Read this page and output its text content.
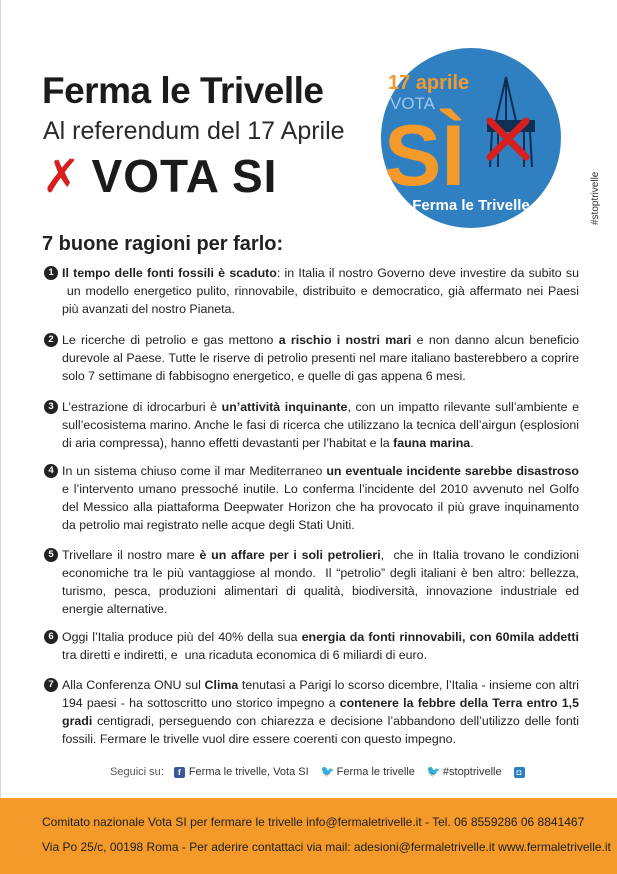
Ferma le Trivelle
Al referendum del 17 Aprile
✗ VOTA SI
17 aprile
VOTA
SÌ
Ferma le Trivelle	#stoptrivelle
7 buone ragioni per farlo:
1 Il tempo delle fonti fossili è scaduto: in Italia il nostro Governo deve investire da subito su  un modello energetico pulito, rinnovabile, distribuito e democratico, già affermato nei Paesi più avanzati del nostro Pianeta.
2 Le ricerche di petrolio e gas mettono a rischio i nostri mari e non danno alcun beneficio durevole al Paese. Tutte le riserve di petrolio presenti nel mare italiano basterebbero a coprire solo 7 settimane di fabbisogno energetico, e quelle di gas appena 6 mesi.
3 L’estrazione di idrocarburi è un’attività inquinante, con un impatto rilevante sull’ambiente e sull’ecosistema marino. Anche le fasi di ricerca che utilizzano la tecnica dell’airgun (esplosioni di aria compressa), hanno effetti devastanti per l’habitat e la fauna marina.
4 In un sistema chiuso come il mar Mediterraneo un eventuale incidente sarebbe disastroso e l’intervento umano pressoché inutile. Lo conferma l’incidente del 2010 avvenuto nel Golfo del Messico alla piattaforma Deepwater Horizon che ha provocato il più grave inquinamento da petrolio mai registrato nelle acque degli Stati Uniti.
5 Trivellare il nostro mare è un affare per i soli petrolieri,  che in Italia trovano le condizioni economiche tra le più vantaggiose al mondo.  Il “petrolio” degli italiani è ben altro: bellezza, turismo, pesca, produzioni alimentari di qualità, biodiversità, innovazione industriale ed energie alternative.
6 Oggi l’Italia produce più del 40% della sua energia da fonti rinnovabili, con 60mila addetti tra diretti e indiretti, e  una ricaduta economica di 6 miliardi di euro.
7 Alla Conferenza ONU sul Clima tenutasi a Parigi lo scorso dicembre, l’Italia - insieme con altri 194 paesi - ha sottoscritto uno storico impegno a contenere la febbre della Terra entro 1,5 gradi centigradi, perseguendo con chiarezza e decisione l’abbandono dell’utilizzo delle fonti fossili. Fermare le trivelle vuol dire essere coerenti con questo impegno.
Seguici su:	f Ferma le trivelle, Vota SI 🐦 Ferma le trivelle 🐦 #stoptrivelle	◘
Comitato nazionale Vota SI per fermare le trivelle info@fermaletrivelle.it - Tel. 06 8559286 06 8841467
Via Po 25/c, 00198 Roma - Per aderire contattaci via mail: adesioni@fermaletrivelle.it www.fermaletrivelle.it
